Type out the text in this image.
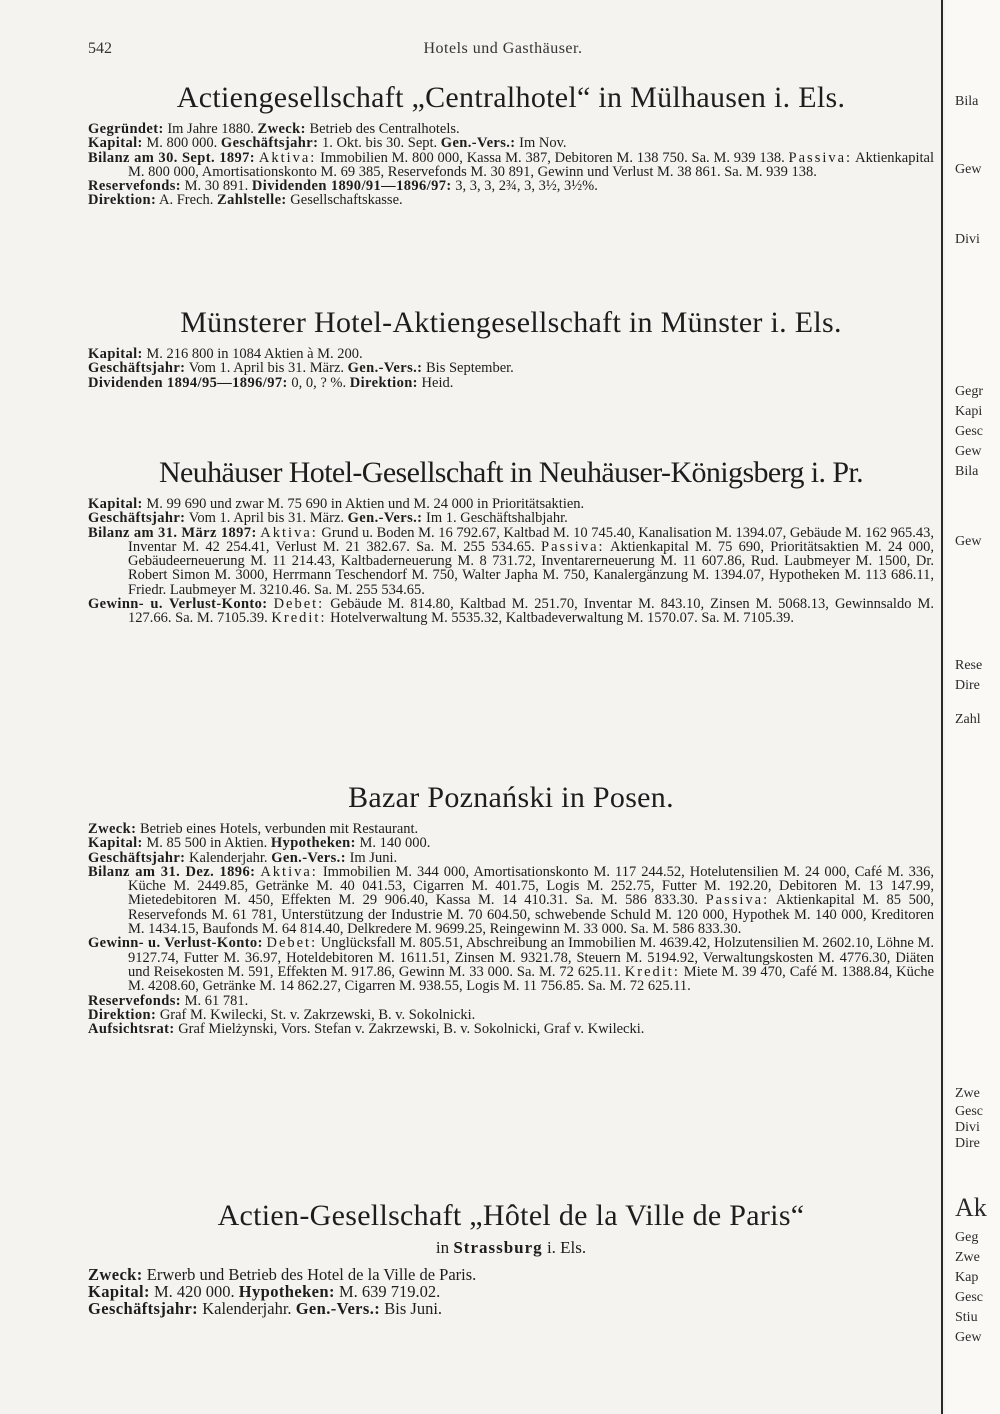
542	Hotels und Gasthäuser.
Actiengesellschaft „Centralhotel“ in Mülhausen i. Els.

Gegründet: Im Jahre 1880. Zweck: Betrieb des Centralhotels.

Kapital: M. 800 000. Geschäftsjahr: 1. Okt. bis 30. Sept. Gen.-Vers.: Im Nov.

Bilanz am 30. Sept. 1897: Aktiva: Immobilien M. 800 000, Kassa M. 387, Debitoren M. 138 750. Sa. M. 939 138. Passiva: Aktienkapital M. 800 000, Amortisationskonto M. 69 385, Reservefonds M. 30 891, Gewinn und Verlust M. 38 861. Sa. M. 939 138.

Reservefonds: M. 30 891. Dividenden 1890/91—1896/97: 3, 3, 3, 2¾, 3, 3½, 3½%.

Direktion: A. Frech. Zahlstelle: Gesellschaftskasse.

Münsterer Hotel-Aktiengesellschaft in Münster i. Els.

Kapital: M. 216 800 in 1084 Aktien à M. 200.

Geschäftsjahr: Vom 1. April bis 31. März. Gen.-Vers.: Bis September.

Dividenden 1894/95—1896/97: 0, 0, ? %. Direktion: Heid.

Neuhäuser Hotel-Gesellschaft in Neuhäuser-Königsberg i. Pr.

Kapital: M. 99 690 und zwar M. 75 690 in Aktien und M. 24 000 in Prioritätsaktien.

Geschäftsjahr: Vom 1. April bis 31. März. Gen.-Vers.: Im 1. Geschäftshalbjahr.

Bilanz am 31. März 1897: Aktiva: Grund u. Boden M. 16 792.67, Kaltbad M. 10 745.40, Kanalisation M. 1394.07, Gebäude M. 162 965.43, Inventar M. 42 254.41, Verlust M. 21 382.67. Sa. M. 255 534.65. Passiva: Aktienkapital M. 75 690, Prioritätsaktien M. 24 000, Gebäudeerneuerung M. 11 214.43, Kaltbaderneuerung M. 8 731.72, Inventarerneuerung M. 11 607.86, Rud. Laubmeyer M. 1500, Dr. Robert Simon M. 3000, Herrmann Teschendorf M. 750, Walter Japha M. 750, Kanalergänzung M. 1394.07, Hypotheken M. 113 686.11, Friedr. Laubmeyer M. 3210.46. Sa. M. 255 534.65.

Gewinn- u. Verlust-Konto: Debet: Gebäude M. 814.80, Kaltbad M. 251.70, Inventar M. 843.10, Zinsen M. 5068.13, Gewinnsaldo M. 127.66. Sa. M. 7105.39. Kredit: Hotelverwaltung M. 5535.32, Kaltbadeverwaltung M. 1570.07. Sa. M. 7105.39.

Bazar Poznański in Posen.

Zweck: Betrieb eines Hotels, verbunden mit Restaurant.

Kapital: M. 85 500 in Aktien. Hypotheken: M. 140 000.

Geschäftsjahr: Kalenderjahr. Gen.-Vers.: Im Juni.

Bilanz am 31. Dez. 1896: Aktiva: Immobilien M. 344 000, Amortisationskonto M. 117 244.52, Hotelutensilien M. 24 000, Café M. 336, Küche M. 2449.85, Getränke M. 40 041.53, Cigarren M. 401.75, Logis M. 252.75, Futter M. 192.20, Debitoren M. 13 147.99, Mietedebitoren M. 450, Effekten M. 29 906.40, Kassa M. 14 410.31. Sa. M. 586 833.30. Passiva: Aktienkapital M. 85 500, Reservefonds M. 61 781, Unterstützung der Industrie M. 70 604.50, schwebende Schuld M. 120 000, Hypothek M. 140 000, Kreditoren M. 1434.15, Baufonds M. 64 814.40, Delkredere M. 9699.25, Reingewinn M. 33 000. Sa. M. 586 833.30.

Gewinn- u. Verlust-Konto: Debet: Unglücksfall M. 805.51, Abschreibung an Immobilien M. 4639.42, Holzutensilien M. 2602.10, Löhne M. 9127.74, Futter M. 36.97, Hoteldebitoren M. 1611.51, Zinsen M. 9321.78, Steuern M. 5194.92, Verwaltungskosten M. 4776.30, Diäten und Reisekosten M. 591, Effekten M. 917.86, Gewinn M. 33 000. Sa. M. 72 625.11. Kredit: Miete M. 39 470, Café M. 1388.84, Küche M. 4208.60, Getränke M. 14 862.27, Cigarren M. 938.55, Logis M. 11 756.85. Sa. M. 72 625.11.

Reservefonds: M. 61 781.

Direktion: Graf M. Kwilecki, St. v. Zakrzewski, B. v. Sokolnicki.

Aufsichtsrat: Graf Mielżynski, Vors. Stefan v. Zakrzewski, B. v. Sokolnicki, Graf v. Kwilecki.

Actien-Gesellschaft „Hôtel de la Ville de Paris“
in Strassburg i. Els.

Zweck: Erwerb und Betrieb des Hotel de la Ville de Paris.

Kapital: M. 420 000. Hypotheken: M. 639 719.02.

Geschäftsjahr: Kalenderjahr. Gen.-Vers.: Bis Juni.

Bila
Gew
Divi
Gegr
Kapi
Gesc
Gew
Bila
Gew
Rese
Dire
Zahl
Zwe
Gesc
Divi
Dire
Ak
Geg
Zwe
Kap
Gesc
Stiu
Gew
